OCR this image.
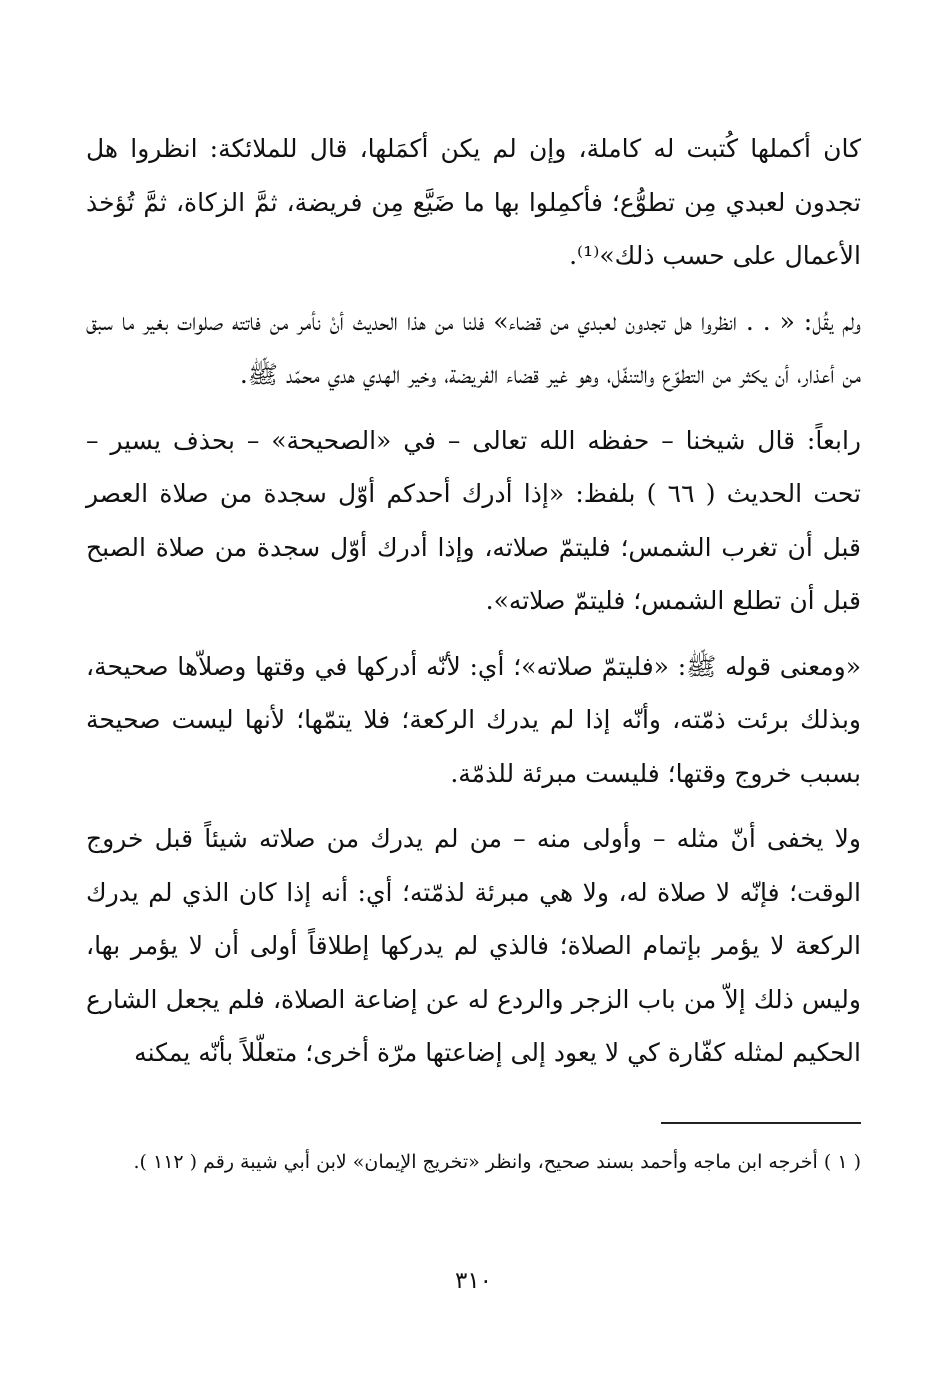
كان أكملها كُتبت له كاملة، وإن لم يكن أكمَلها، قال للملائكة: انظروا هل تجدون لعبدي مِن تطوُّع؛ فأكمِلوا بها ما ضَيَّع مِن فريضة، ثمَّ الزكاة، ثمَّ تُؤخذ الأعمال على حسب ذلك»⁽¹⁾.

ولم يقُل: « . . انظروا هل تجدون لعبدي من قضاء» فلنا من هذا الحديث أنْ نأمر من فاتته صلوات بغير ما سبق من أعذار، أن يكثر من التطوّع والتنفّل، وهو غير قضاء الفريضة، وخير الهدي هدي محمّد ﷺ.

رابعاً: قال شيخنا – حفظه الله تعالى – في «الصحيحة» – بحذف يسير – تحت الحديث ( ٦٦ ) بلفظ: «إذا أدرك أحدكم أوّل سجدة من صلاة العصر قبل أن تغرب الشمس؛ فليتمّ صلاته، وإذا أدرك أوّل سجدة من صلاة الصبح قبل أن تطلع الشمس؛ فليتمّ صلاته».

«ومعنى قوله ﷺ: «فليتمّ صلاته»؛ أي: لأنّه أدركها في وقتها وصلاّها صحيحة، وبذلك برئت ذمّته، وأنّه إذا لم يدرك الركعة؛ فلا يتمّها؛ لأنها ليست صحيحة بسبب خروج وقتها؛ فليست مبرئة للذمّة.

ولا يخفى أنّ مثله – وأولى منه – من لم يدرك من صلاته شيئاً قبل خروج الوقت؛ فإنّه لا صلاة له، ولا هي مبرئة لذمّته؛ أي: أنه إذا كان الذي لم يدرك الركعة لا يؤمر بإتمام الصلاة؛ فالذي لم يدركها إطلاقاً أولى أن لا يؤمر بها، وليس ذلك إلاّ من باب الزجر والردع له عن إضاعة الصلاة، فلم يجعل الشارع الحكيم لمثله كفّارة كي لا يعود إلى إضاعتها مرّة أخرى؛ متعلّلاً بأنّه يمكنه

( ١ ) أخرجه ابن ماجه وأحمد بسند صحيح، وانظر «تخريج الإيمان» لابن أبي شيبة رقم ( ١١٢ ).

٣١٠
